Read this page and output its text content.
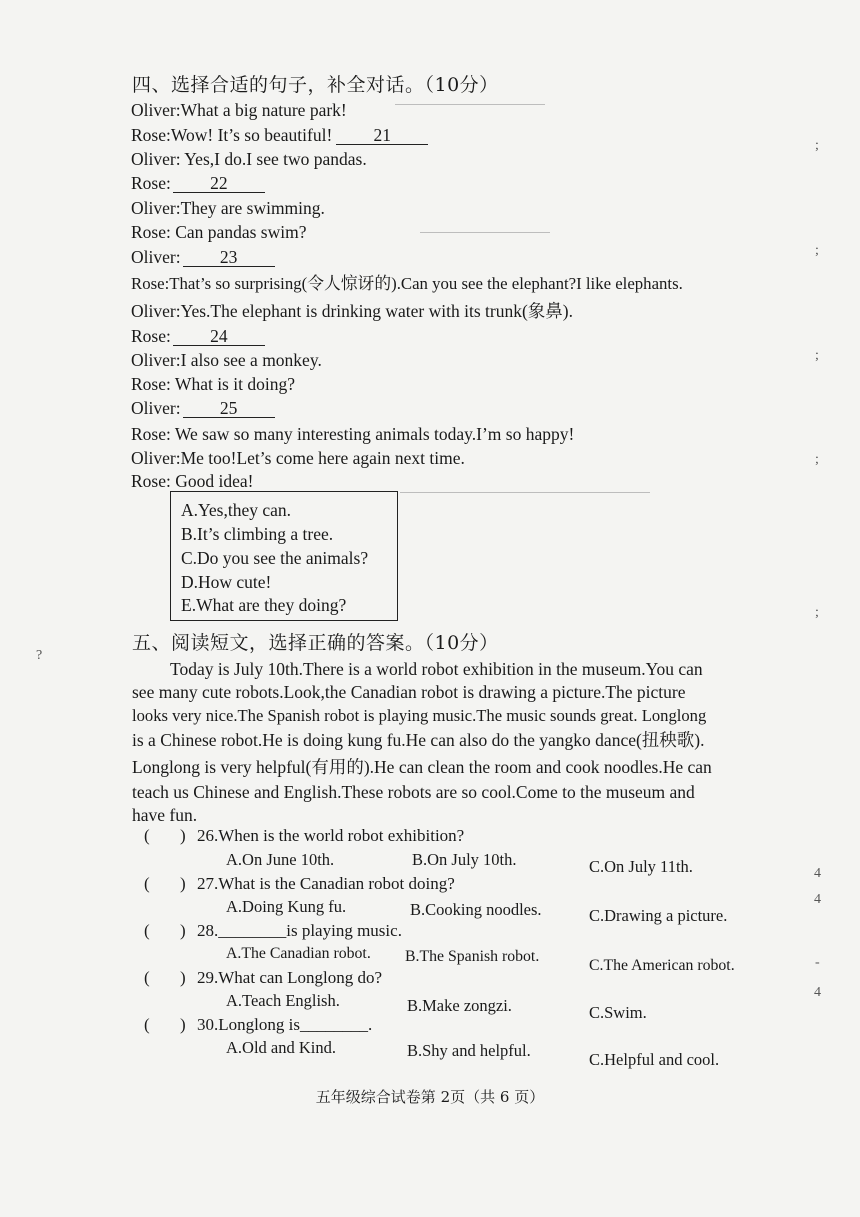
四、选择合适的句子，补全对话。（10分）
Oliver:What a big nature park!
Rose:Wow! It’s so beautiful! 21
Oliver: Yes,I do.I see two pandas.
Rose: 22
Oliver:They are swimming.
Rose: Can pandas swim?
Oliver: 23
Rose:That’s so surprising(令人惊讶的).Can you see the elephant?I like elephants.
Oliver:Yes.The elephant is drinking water with its trunk(象鼻).
Rose: 24
Oliver:I also see a monkey.
Rose: What is it doing?
Oliver: 25
Rose: We saw so many interesting animals today.I’m so happy!
Oliver:Me too!Let’s come here again next time.
Rose: Good idea!
A.Yes,they can.
B.It’s climbing a tree.
C.Do you see the animals?
D.How cute!
E.What are they doing?
五、阅读短文，选择正确的答案。（10分）
Today is July 10th.There is a world robot exhibition in the museum.You can
see many cute robots.Look,the Canadian robot is drawing a picture.The picture
looks very nice.The Spanish robot is playing music.The music sounds great. Longlong
is a Chinese robot.He is doing kung fu.He can also do the yangko dance(扭秧歌).
Longlong is very helpful(有用的).He can clean the room and cook noodles.He can
teach us Chinese and English.These robots are so cool.Come to the museum and
have fun.
( ) 26.When is the world robot exhibition?
A.On June 10th.	B.On July 10th.	C.On July 11th.
( ) 27.What is the Canadian robot doing?
A.Doing Kung fu.	B.Cooking noodles.	C.Drawing a picture.
( ) 28.________is playing music.
A.The Canadian robot. B.The Spanish robot.
C.The American robot.
( ) 29.What can Longlong do?
A.Teach English.	B.Make zongzi.	C.Swim.
( ) 30.Longlong is________.
A.Old and Kind.	B.Shy and helpful.	C.Helpful and cool.
五年级综合试卷第 2页（共 6 页）
;
;
;
;
;
?
4
4
-
4
